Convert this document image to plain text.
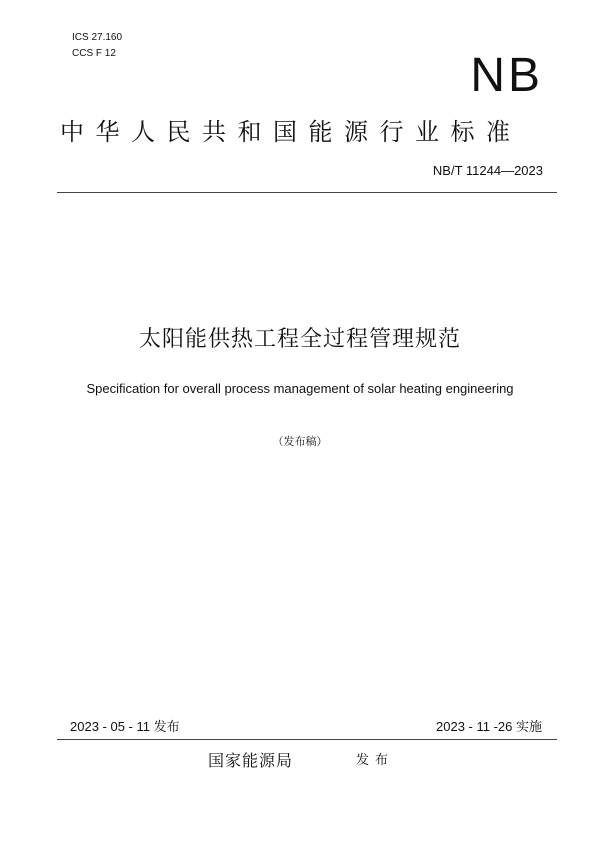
ICS 27.160
CCS F 12	NB
中华人民共和国能源行业标准
NB/T 11244—2023
太阳能供热工程全过程管理规范
Specification for overall process management of solar heating engineering
（发布稿）
2023 - 05 - 11 发布	2023 - 11 -26 实施
国家能源局	发布
